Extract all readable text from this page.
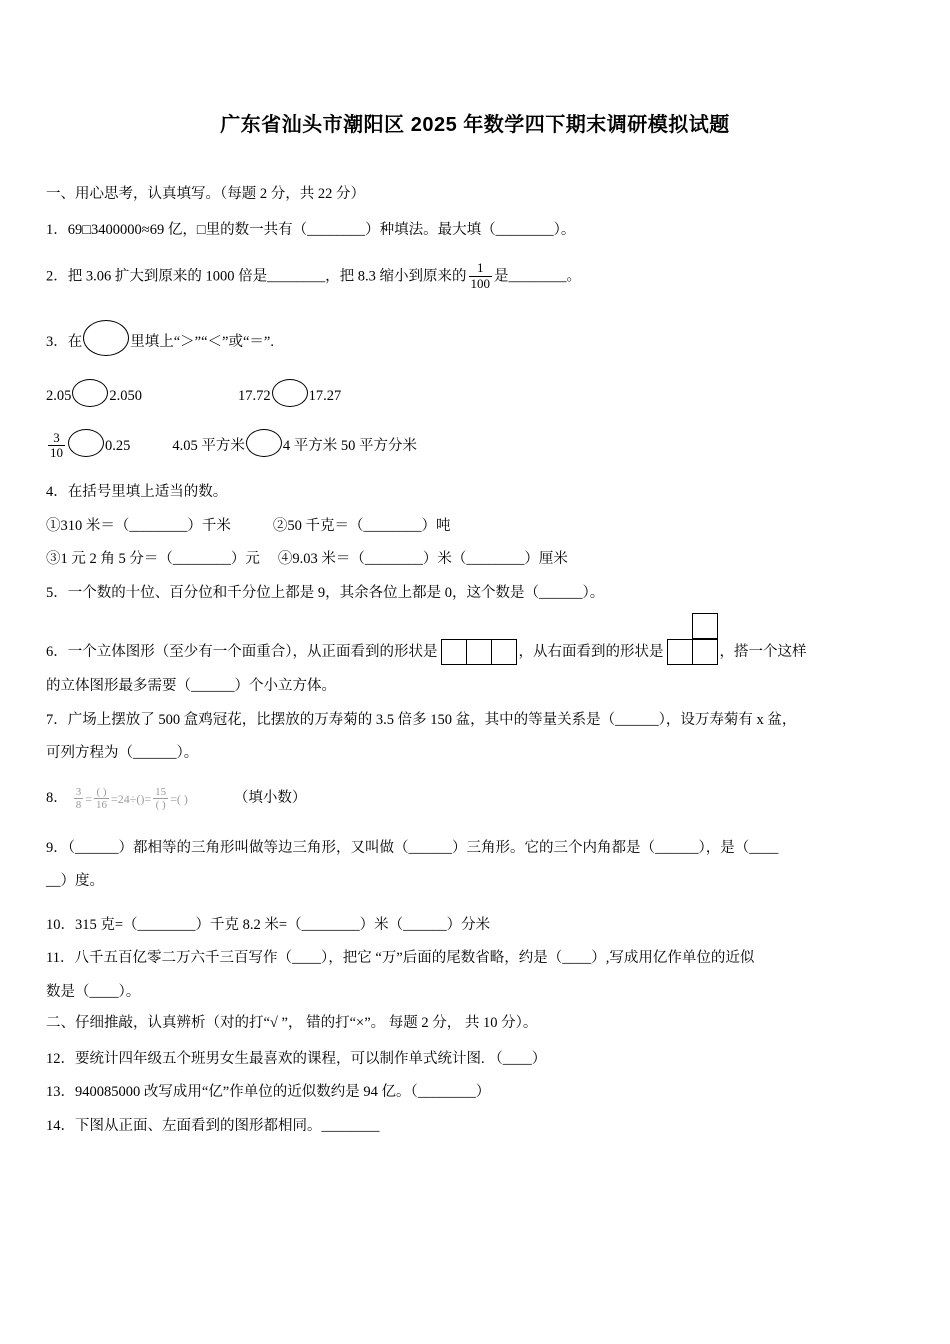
广东省汕头市潮阳区 2025 年数学四下期末调研模拟试题
一、用心思考，认真填写。（每题 2 分，共 22 分）
1．69□3400000≈69 亿，□里的数一共有（________）种填法。最大填（________）。
2．把 3.06 扩大到原来的 1000 倍是________，把 8.3 缩小到原来的 $\frac{1}{100}$ 是________。
3．在	里填上“＞”“＜”或“＝”.
2.05	2.050	17.72	17.27
$\frac{3}{10}$	0.25	4.05 平方米	4 平方米 50 平方分米
4．在括号里填上适当的数。
①310 米＝（________）千米	②50 千克＝（________）吨
③1 元 2 角 5 分＝（________）元 ④9.03 米＝（________）米（________）厘米
5．一个数的十位、百分位和千分位上都是 9，其余各位上都是 0，这个数是（______）。
6．一个立体图形（至少有一个面重合），从正面看到的形状是	，从右面看到的形状是	，搭一个这样
的立体图形最多需要（______）个小立方体。
7．广场上摆放了 500 盒鸡冠花，比摆放的万寿菊的 3.5 倍多 150 盆，其中的等量关系是（______），设万寿菊有 x 盆，
可列方程为（______）。
8． $\frac{3}{8}$ = ( )
16 =24÷()= 15
( ) =( )	（填小数）
9．（______）都相等的三角形叫做等边三角形，又叫做（______）三角形。它的三个内角都是（______），是（____
__）度。
10．315 克=（________）千克 8.2 米=（________）米（______）分米
11．八千五百亿零二万六千三百写作（____），把它 “万”后面的尾数省略，约是（____）,写成用亿作单位的近似
数是（____）。
二、仔细推敲，认真辨析（对的打“√ ”， 错的打“×”。 每题 2 分， 共 10 分）。
12．要统计四年级五个班男女生最喜欢的课程，可以制作单式统计图. （____）
13．940085000 改写成用“亿”作单位的近似数约是 94 亿。（________）
14．下图从正面、左面看到的图形都相同。________
